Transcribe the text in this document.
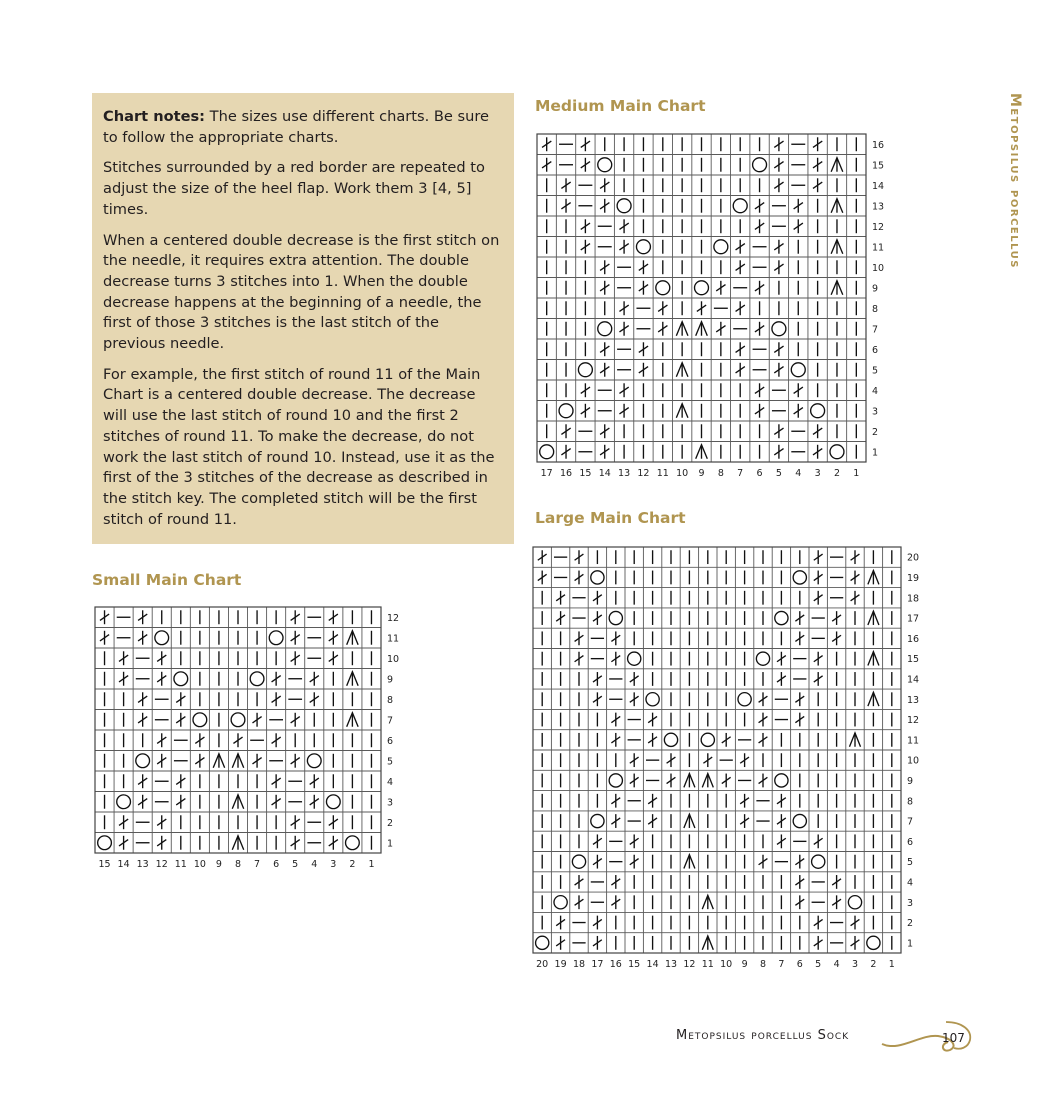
Metopsilus porcellus

Chart notes: The sizes use different charts. Be sure to follow the appropriate charts.

Stitches surrounded by a red border are repeated to adjust the size of the heel flap. Work them 3 [4, 5] times.

When a centered double decrease is the first stitch on the needle, it requires extra attention. The double decrease turns 3 stitches into 1. When the double decrease happens at the beginning of a needle, the first of those 3 stitches is the last stitch of the previous needle.

For example, the first stitch of round 11 of the Main Chart is a centered double decrease. The decrease will use the last stitch of round 10 and the first 2 stitches of round 11. To make the decrease, do not work the last stitch of round 10. Instead, use it as the first of the 3 stitches of the decrease as described in the stitch key. The completed stitch will be the first stitch of round 11.

Small Main Chart
Medium Main Chart
Large Main Chart
12
11
10
9
8
7
6
5
4
3
2
1
15 14 13 12 11 10 9 8 7 6 5 4 3 2 1
16
15
14
13
12
11
10
9
8
7
6
5
4
3
2
1
17 16 15 14 13 12 11 10 9 8 7 6 5 4 3 2 1
20
19
18
17
16
15
14
13
12
11
10
9
8
7
6
5
4
3
2
1
20 19 18 17 16 15 14 13 12 11 10 9 8 7 6 5 4 3 2 1
Metopsilus porcellus Sock	107
